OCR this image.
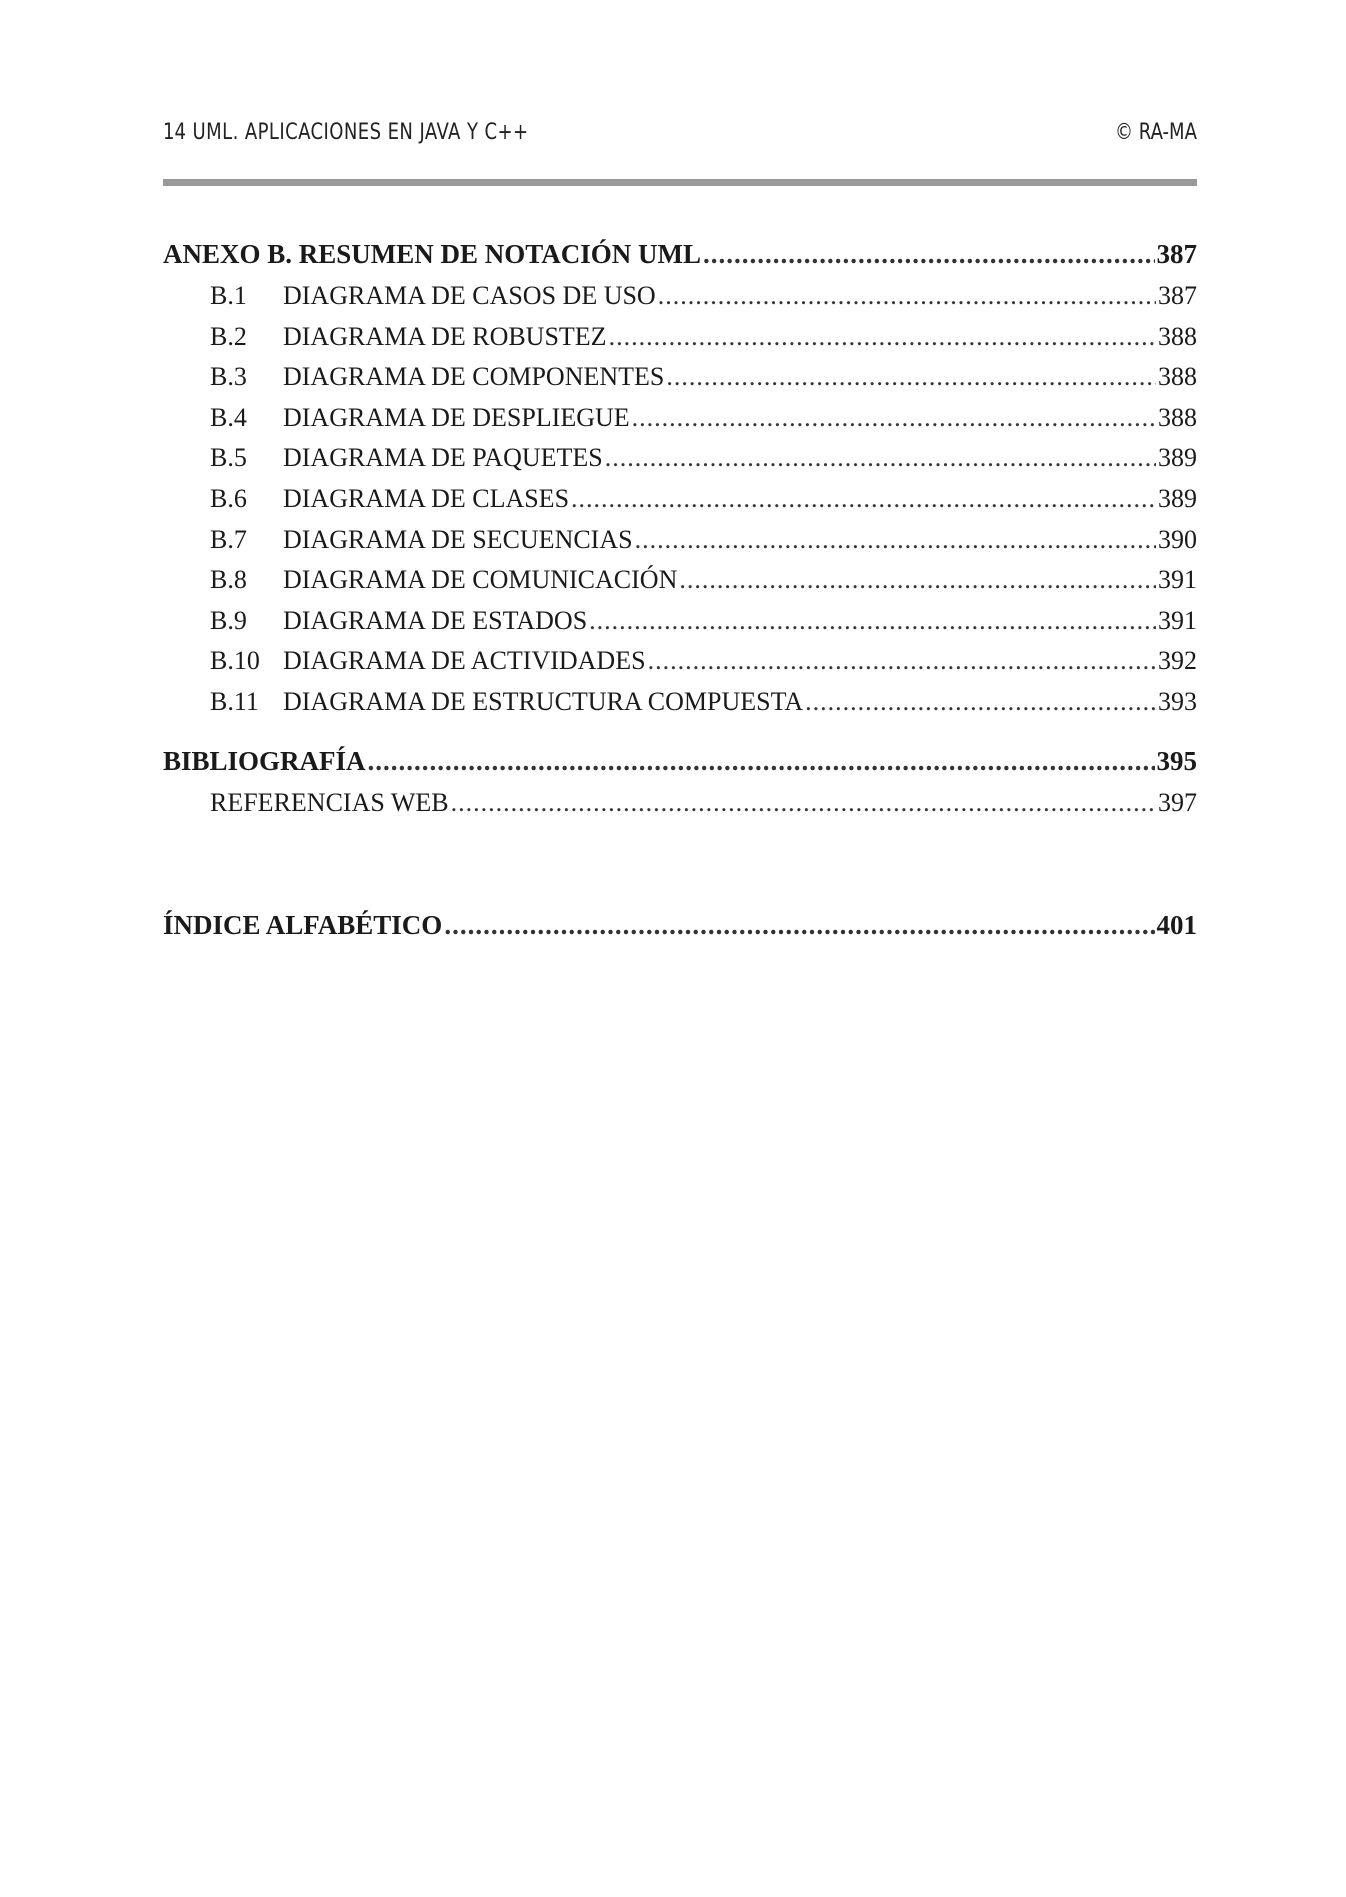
14 UML. APLICACIONES EN JAVA Y C++	© RA-MA
ANEXO B. RESUMEN DE NOTACIÓN UML .....	387
B.1	DIAGRAMA DE CASOS DE USO .....	387
B.2	DIAGRAMA DE ROBUSTEZ .....	388
B.3	DIAGRAMA DE COMPONENTES .....	388
B.4	DIAGRAMA DE DESPLIEGUE .....	388
B.5	DIAGRAMA DE PAQUETES .....	389
B.6	DIAGRAMA DE CLASES .....	389
B.7	DIAGRAMA DE SECUENCIAS .....	390
B.8	DIAGRAMA DE COMUNICACIÓN .....	391
B.9	DIAGRAMA DE ESTADOS .....	391
B.10 DIAGRAMA DE ACTIVIDADES .....	392
B.11 DIAGRAMA DE ESTRUCTURA COMPUESTA .....	393
BIBLIOGRAFÍA .....	395
REFERENCIAS WEB .....	397
ÍNDICE ALFABÉTICO .....	401
